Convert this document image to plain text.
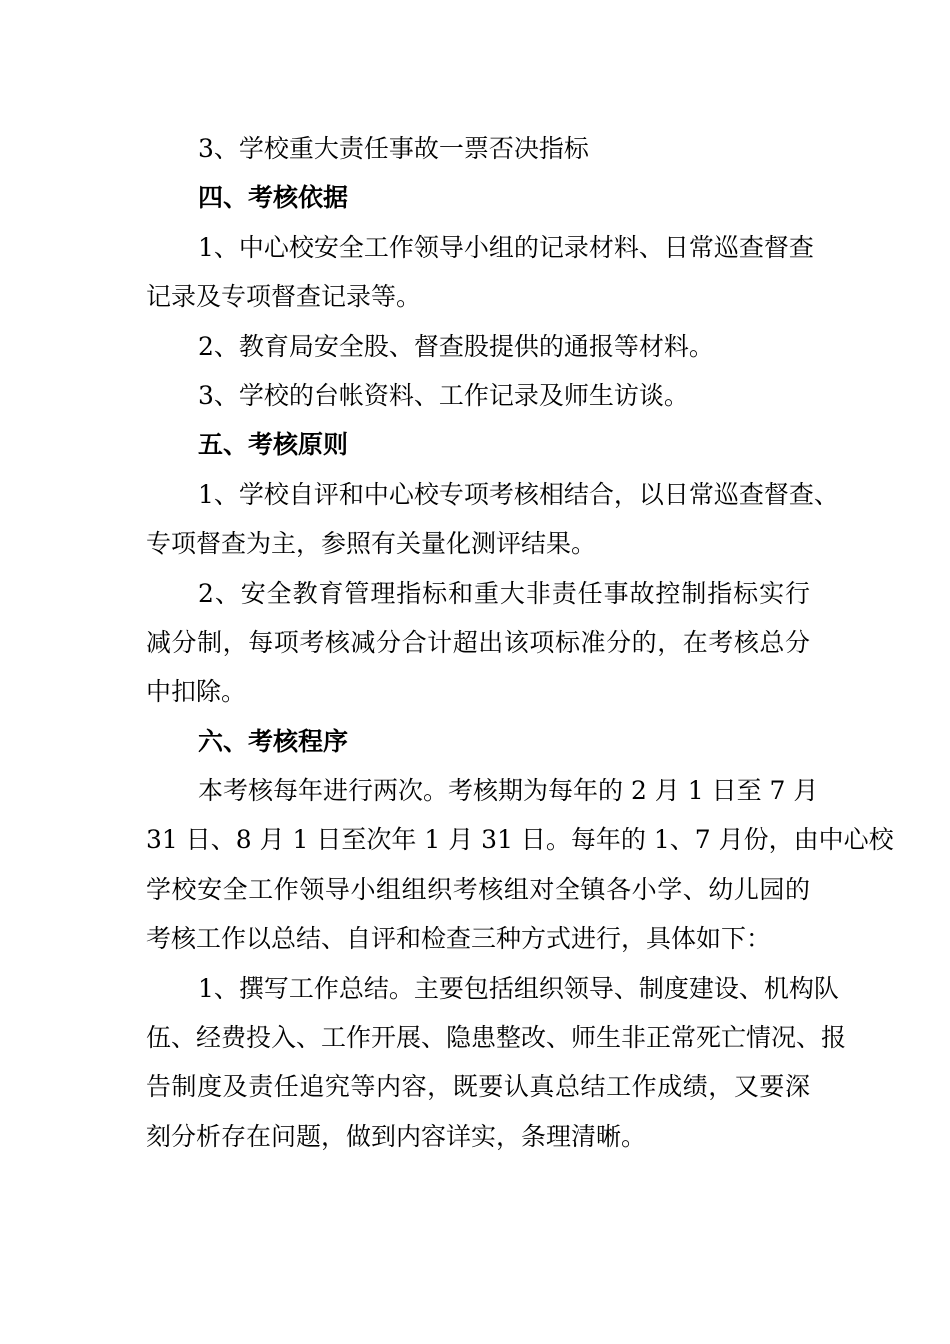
3、学校重大责任事故一票否决指标
四、考核依据
1、中心校安全工作领导小组的记录材料、日常巡查督查
记录及专项督查记录等。
2、教育局安全股、督查股提供的通报等材料。
3、学校的台帐资料、工作记录及师生访谈。
五、考核原则
1、学校自评和中心校专项考核相结合，以日常巡查督查、
专项督查为主，参照有关量化测评结果。
2、安全教育管理指标和重大非责任事故控制指标实行
减分制，每项考核减分合计超出该项标准分的，在考核总分
中扣除。
六、考核程序
本考核每年进行两次。考核期为每年的 2 月 1 日至 7 月
31 日、8 月 1 日至次年 1 月 31 日。每年的 1、7 月份，由中心校
学校安全工作领导小组组织考核组对全镇各小学、幼儿园的
考核工作以总结、自评和检查三种方式进行，具体如下：
1、撰写工作总结。主要包括组织领导、制度建设、机构队
伍、经费投入、工作开展、隐患整改、师生非正常死亡情况、报
告制度及责任追究等内容，既要认真总结工作成绩，又要深
刻分析存在问题，做到内容详实，条理清晰。
